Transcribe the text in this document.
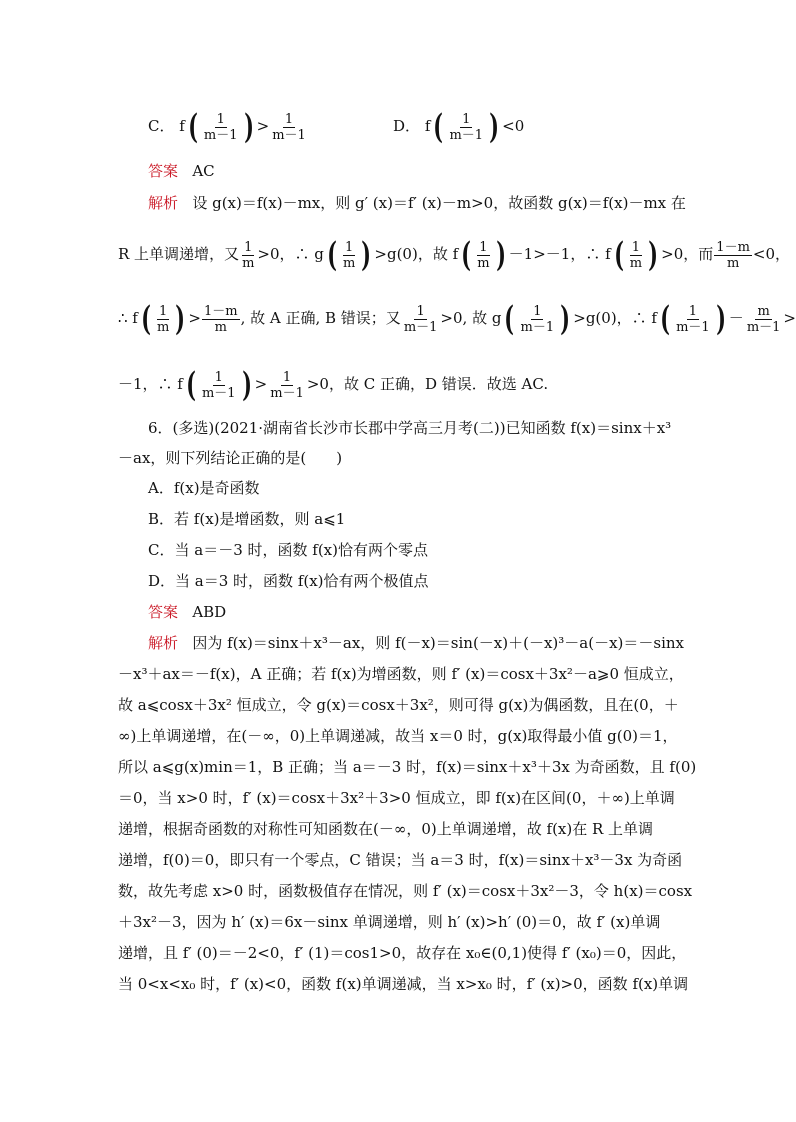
C． $f( \frac{1}{m-1}$ ) > $\frac{1}{m-1}$	D． $f( \frac{1}{m-1}$ ) <0
答案 AC
解析 设 g(x)＝f(x)－mx，则 g′ (x)＝f′ (x)－m>0，故函数 g(x)＝f(x)－mx 在
R 上单调递增，又 $\frac{1}{m} >0$，∴ $g( \frac{1}{m}$ ) >g(0)，故 $f( \frac{1}{m}$ ) －1>－1，∴ $f( \frac{1}{m}$ ) >0，而 $\frac{1-m}{m} <0$，
∴ $f( \frac{1}{m}$ ) > $\frac{1-m}{m}$ , 故 A 正确, B 错误；又 $\frac{1}{m-1} >0$, 故 $g( \frac{1}{m-1}$ ) >g(0)，∴ $f( \frac{1}{m-1}$ ) － $\frac{m}{m-1}$ >
－1，∴ $f( \frac{1}{m-1}$ ) > $\frac{1}{m-1} >0$，故 C 正确，D 错误．故选 AC.
6．(多选)(2021·湖南省长沙市长郡中学高三月考(二))已知函数 f(x)＝sinx＋x³
－ax，则下列结论正确的是(　　)
A．f(x)是奇函数
B．若 f(x)是增函数，则 a⩽1
C．当 a＝－3 时，函数 f(x)恰有两个零点
D．当 a＝3 时，函数 f(x)恰有两个极值点
答案 ABD
解析 因为 f(x)＝sinx＋x³－ax，则 f(－x)＝sin(－x)＋(－x)³－a(－x)＝－sinx
－x³＋ax＝－f(x)，A 正确；若 f(x)为增函数，则 f′ (x)＝cosx＋3x²－a⩾0 恒成立，
故 a⩽cosx＋3x² 恒成立，令 g(x)＝cosx＋3x²，则可得 g(x)为偶函数，且在(0，＋
∞)上单调递增，在(－∞，0)上单调递减，故当 x＝0 时，g(x)取得最小值 g(0)＝1，
所以 a⩽g(x)min＝1，B 正确；当 a＝－3 时，f(x)＝sinx＋x³＋3x 为奇函数，且 f(0)
＝0，当 x>0 时，f′ (x)＝cosx＋3x²＋3>0 恒成立，即 f(x)在区间(0，＋∞)上单调
递增，根据奇函数的对称性可知函数在(－∞，0)上单调递增，故 f(x)在 R 上单调
递增，f(0)＝0，即只有一个零点，C 错误；当 a＝3 时，f(x)＝sinx＋x³－3x 为奇函
数，故先考虑 x>0 时，函数极值存在情况，则 f′ (x)＝cosx＋3x²－3，令 h(x)＝cosx
＋3x²－3，因为 h′ (x)＝6x－sinx 单调递增，则 h′ (x)>h′ (0)＝0，故 f′ (x)单调
递增，且 f′ (0)＝－2<0，f′ (1)＝cos1>0，故存在 x₀∈(0,1)使得 f′ (x₀)＝0，因此，
当 0<x<x₀ 时，f′ (x)<0，函数 f(x)单调递减，当 x>x₀ 时，f′ (x)>0，函数 f(x)单调
